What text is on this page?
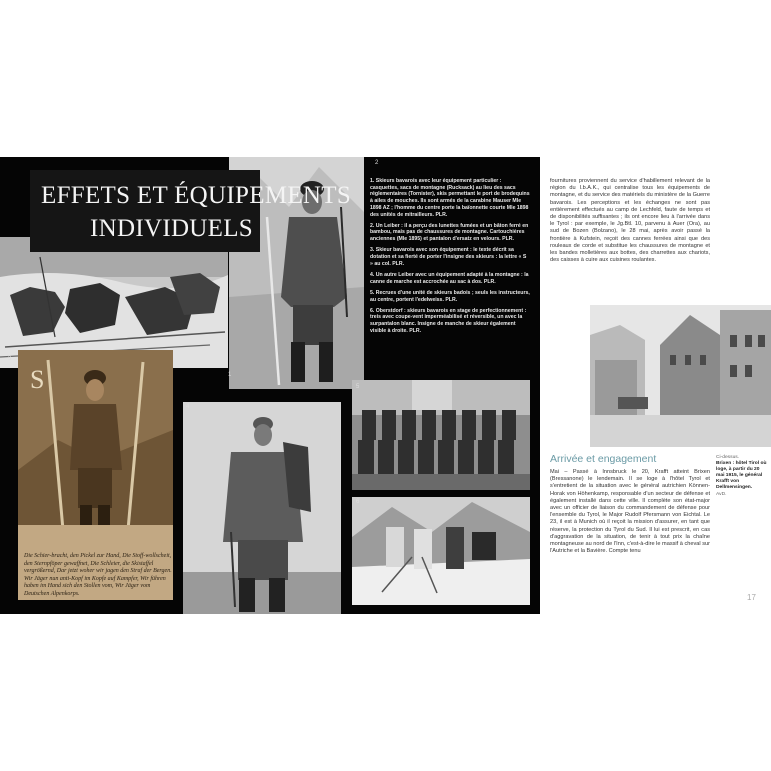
S
Die Schier-bracht, den Pickel zur Hand, Die Stoff-wollscheit, den Sternpföper gewaffnet, Die Schleier, die Skistaffel vergrößernd, Dar jetzt woher wir jagen den Straf der Bergen. Wir Jäger nun anti-Kopf im Kopfe auf Kampfer, Wir führen haben im Hand sich den Stollen vom, Wir Jäger vom Deutschen Alpenkorps.
1
2
3
4
5
6
EFFETS ET ÉQUIPEMENTS
INDIVIDUELS

1. Skieurs bavarois avec leur équipement particulier : casquettes, sacs de montagne (Rucksack) au lieu des sacs réglementaires (Tornister), skis permettant le port de brodequins à ailes de mouches. Ils sont armés de la carabine Mauser Mle 1898 AZ ; l'homme du centre porte la baïonnette courte Mle 1898 des unités de mitrailleurs. PLR.

2. Un Leiber : il a perçu des lunettes fumées et un bâton ferré en bambou, mais pas de chaussures de montagne. Cartouchières anciennes (Mle 1895) et pantalon d'ersatz en velours. PLR.

3. Skieur bavarois avec son équipement : le texte décrit sa dotation et sa fierté de porter l'insigne des skieurs : la lettre « S » au col. PLR.

4. Un autre Leiber avec un équipement adapté à la montagne : la canne de marche est accrochée au sac à dos. PLR.

5. Recrues d'une unité de skieurs badois ; seuls les instructeurs, au centre, portent l'edelweiss. PLR.

6. Oberstdorf : skieurs bavarois en stage de perfectionnement : treis avec coupe-vent imperméabilisé et réversible, un avec la surpantalon blanc. Insigne de manche de skieur également visible à droite. PLR.

fournitures proviennent du service d'habillement relevant de la région du I.b.A.K., qui centralise tous les équipements de montagne, et du service des matériels du ministère de la Guerre bavarois. Les perceptions et les échanges ne sont pas entièrement effectués au camp de Lechfeld, faute de temps et de disponibilités suffisantes ; ils ont encore lieu à l'arrivée dans le Tyrol : par exemple, le Jg.Btl. 10, parvenu à Auer (Ora), au sud de Bozen (Bolzano), le 28 mai, après avoir passé la frontière à Kufstein, reçoit des cannes ferrées ainsi que des rouleaux de corde et substitue les chaussures de montagne et les bandes molletières aux bottes, des charrettes aux chariots, des caisses à cuire aux cuisines roulantes.
Arrivée et engagement
Mai – Passé à Innsbruck le 20, Krafft atteint Brixen (Bressanone) le lendemain. Il se loge à l'hôtel Tyrol et s'entretient de la situation avec le général autrichien Können-Horak von Höhenkamp, responsable d'un secteur de défense et également installé dans cette ville. Il complète son état-major avec un officier de liaison du commandement de défense pour l'ensemble du Tyrol, le Major Rudolf Pfersmann von Eichtal. Le 23, il est à Munich où il reçoit la mission d'assurer, en tant que réserve, la protection du Tyrol du Sud. Il lui est prescrit, en cas d'aggravation de la situation, de tenir à tout prix la chaîne montagneuse au nord de l'Inn, c'est-à-dire le massif à cheval sur l'Autriche et la Bavière. Compte tenu
Ci-dessus.
Brixen : hôtel Tirol où loge, à partir du 20 mai 1915, le général Krafft von Dellmensingen.
AvD.
17
